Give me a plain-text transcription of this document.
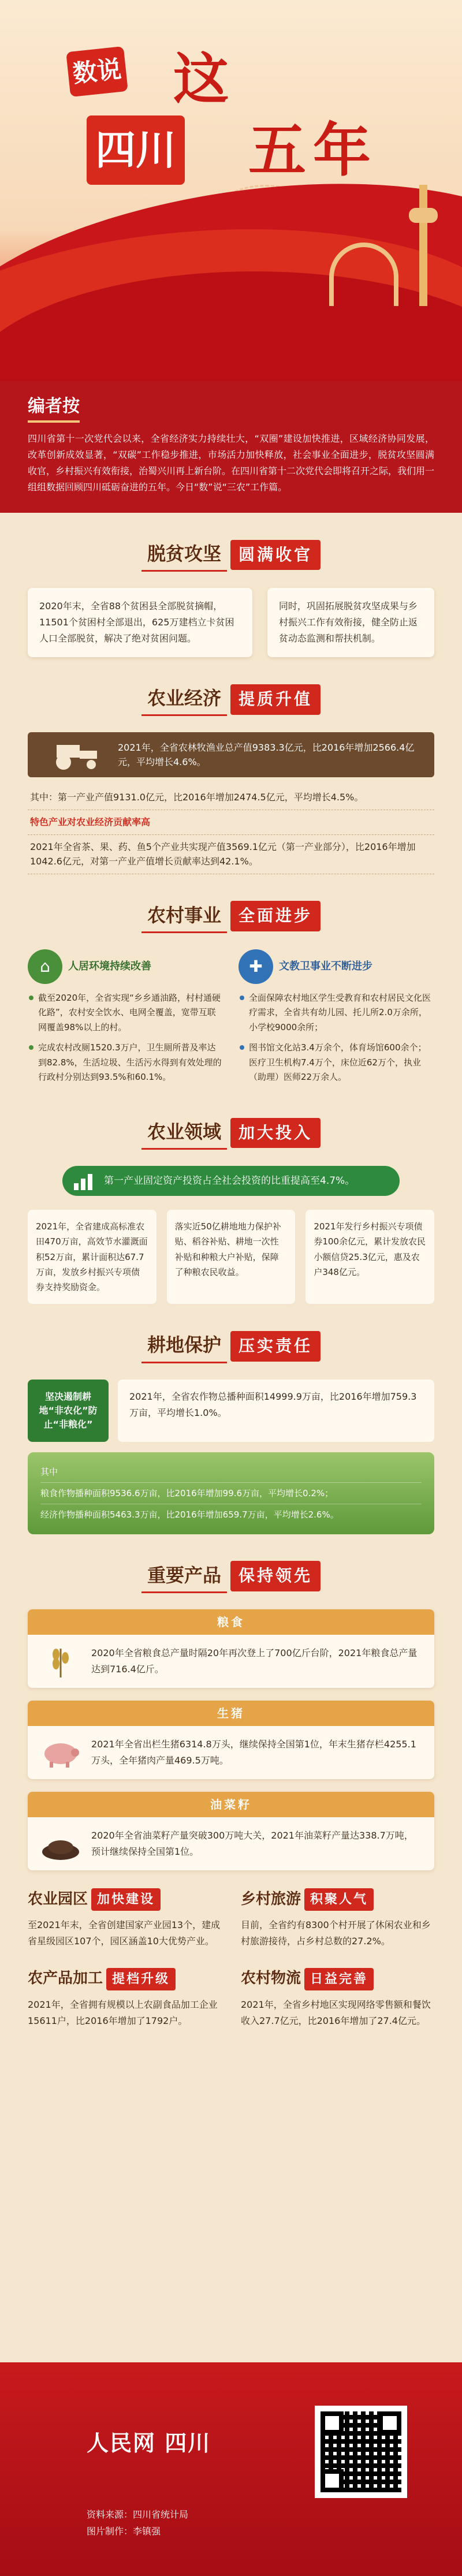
数说 这
四川 五年
编者按

四川省第十一次党代会以来，全省经济实力持续壮大，“双圈”建设加快推进，区域经济协同发展，改革创新成效显著，“双碳”工作稳步推进，市场活力加快释放，社会事业全面进步，脱贫攻坚圆满收官，乡村振兴有效衔接，治蜀兴川再上新台阶。在四川省第十二次党代会即将召开之际，我们用一组组数据回顾四川砥砺奋进的五年。今日“数”说“三农”工作篇。

脱贫攻坚	圆满收官
2020年末，全省88个贫困县全部脱贫摘帽，11501个贫困村全部退出，625万建档立卡贫困人口全部脱贫，解决了绝对贫困问题。
同时，巩固拓展脱贫攻坚成果与乡村振兴工作有效衔接，健全防止返贫动态监测和帮扶机制。
农业经济	提质升值
2021年，全省农林牧渔业总产值9383.3亿元，比2016年增加2566.4亿元，平均增长4.6%。
其中：第一产业产值9131.0亿元，比2016年增加2474.5亿元，平均增长4.5%。
特色产业对农业经济贡献率高
2021年全省茶、果、药、鱼5个产业共实现产值3569.1亿元（第一产业部分），比2016年增加1042.6亿元，对第一产业产值增长贡献率达到42.1%。
农村事业	全面进步
⌂	人居环境持续改善
截至2020年，全省实现“乡乡通油路，村村通硬化路”，农村安全饮水、电网全覆盖，宽带互联网覆盖98%以上的村。
完成农村改厕1520.3万户，卫生厕所普及率达到82.8%，生活垃圾、生活污水得到有效处理的行政村分别达到93.5%和60.1%。
✚	文教卫事业不断进步
全面保障农村地区学生受教育和农村居民文化医疗需求，全省共有幼儿园、托儿所2.0万余所，小学校9000余所；
图书馆文化站3.4万余个，体育场馆600余个；医疗卫生机构7.4万个，床位近62万个，执业（助理）医师22万余人。
农业领域	加大投入
第一产业固定资产投资占全社会投资的比重提高至4.7%。
2021年，全省建成高标准农田470万亩，高效节水灌溉面积52万亩，累计面积达67.7万亩，发放乡村振兴专项债券支持奖励资金。
落实近50亿耕地地力保护补贴、稻谷补贴、耕地一次性补贴和种粮大户补贴，保障了种粮农民收益。
2021年发行乡村振兴专项债券100余亿元，累计发放农民小额信贷25.3亿元，惠及农户348亿元。
耕地保护	压实责任
坚决遏制耕地“非农化”防止“非粮化”
2021年，全省农作物总播种面积14999.9万亩，比2016年增加759.3万亩，平均增长1.0%。
其中
粮食作物播种面积9536.6万亩，比2016年增加99.6万亩，平均增长0.2%；
经济作物播种面积5463.3万亩，比2016年增加659.7万亩，平均增长2.6%。
重要产品	保持领先
粮食
2020年全省粮食总产量时隔20年再次登上了700亿斤台阶，2021年粮食总产量达到716.4亿斤。
生猪
2021年全省出栏生猪6314.8万头，继续保持全国第1位，年末生猪存栏4255.1万头，全年猪肉产量469.5万吨。
油菜籽
2020年全省油菜籽产量突破300万吨大关，2021年油菜籽产量达338.7万吨，预计继续保持全国第1位。
农业园区 加快建设
至2021年末，全省创建国家产业园13个，建成省星级园区107个，园区涵盖10大优势产业。
乡村旅游 积聚人气
目前，全省约有8300个村开展了休闲农业和乡村旅游接待，占乡村总数的27.2%。
农产品加工 提档升级
2021年，全省拥有规模以上农副食品加工企业15611户，比2016年增加了1792户。
农村物流 日益完善
2021年，全省乡村地区实现网络零售额和餐饮收入27.7亿元，比2016年增加了27.4亿元。
人民网 四川
资料来源：四川省统计局
图片制作：李镇强
